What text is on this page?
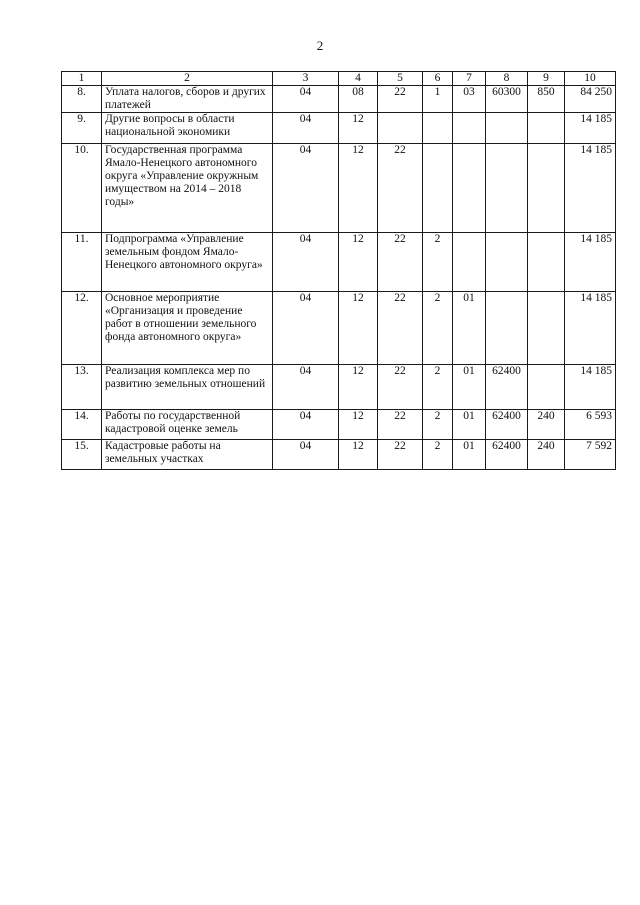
2
1	2	3	4	5	6	7	8	9	10
8.	Уплата налогов, сборов и других платежей	04	08	22	1	03	60300	850	84 250
9.	Другие вопросы в области национальной экономики	04	12						14 185
10.	Государственная программа Ямало-Ненецкого автономного округа «Управление окружным имуществом на 2014 – 2018 годы»	04	12	22					14 185
11.	Подпрограмма «Управление земельным фондом Ямало-Ненецкого автономного округа»	04	12	22	2				14 185
12.	Основное мероприятие «Организация и проведение работ в отношении земельного фонда автономного округа»	04	12	22	2	01			14 185
13.	Реализация комплекса мер по развитию земельных отношений	04	12	22	2	01	62400		14 185
14.	Работы по государственной кадастровой оценке земель	04	12	22	2	01	62400	240	6 593
15.	Кадастровые работы на земельных участках	04	12	22	2	01	62400	240	7 592
